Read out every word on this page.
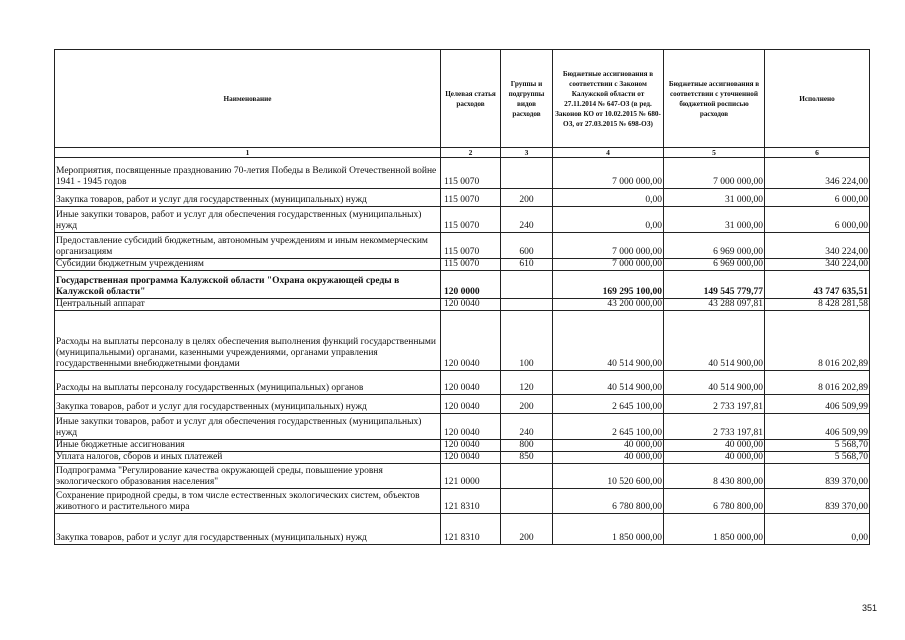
Наименование	Целевая статья расходов	Группы и подгруппы видов расходов	Бюджетные ассигнования в соответствии с Законом Калужской области от 27.11.2014 № 647-ОЗ (в ред. Законов КО от 10.02.2015 № 680-ОЗ, от 27.03.2015 № 698-ОЗ)	Бюджетные ассигнования в соответствии с уточненной бюджетной росписью расходов	Исполнено
1	2	3	4	5	6
Мероприятия, посвященные празднованию 70-летия Победы в Великой Отечественной войне 1941 - 1945 годов	115 0070		7 000 000,00	7 000 000,00	346 224,00
Закупка товаров, работ и услуг для государственных (муниципальных) нужд	115 0070	200	0,00	31 000,00	6 000,00
Иные закупки товаров, работ и услуг для обеспечения государственных (муниципальных) нужд	115 0070	240	0,00	31 000,00	6 000,00
Предоставление субсидий бюджетным, автономным учреждениям и иным некоммерческим организациям	115 0070	600	7 000 000,00	6 969 000,00	340 224,00
Субсидии бюджетным учреждениям	115 0070	610	7 000 000,00	6 969 000,00	340 224,00
Государственная программа Калужской области "Охрана окружающей среды в Калужской области"	120 0000		169 295 100,00	149 545 779,77	43 747 635,51
Центральный аппарат	120 0040		43 200 000,00	43 288 097,81	8 428 281,58
Расходы на выплаты персоналу в целях обеспечения выполнения функций государственными (муниципальными) органами, казенными учреждениями, органами управления государственными внебюджетными фондами	120 0040	100	40 514 900,00	40 514 900,00	8 016 202,89
Расходы на выплаты персоналу государственных (муниципальных) органов	120 0040	120	40 514 900,00	40 514 900,00	8 016 202,89
Закупка товаров, работ и услуг для государственных (муниципальных) нужд	120 0040	200	2 645 100,00	2 733 197,81	406 509,99
Иные закупки товаров, работ и услуг для обеспечения государственных (муниципальных) нужд	120 0040	240	2 645 100,00	2 733 197,81	406 509,99
Иные бюджетные ассигнования	120 0040	800	40 000,00	40 000,00	5 568,70
Уплата налогов, сборов и иных платежей	120 0040	850	40 000,00	40 000,00	5 568,70
Подпрограмма "Регулирование качества окружающей среды, повышение уровня экологического образования населения"	121 0000		10 520 600,00	8 430 800,00	839 370,00
Сохранение природной среды, в том числе естественных экологических систем, объектов животного и растительного мира	121 8310		6 780 800,00	6 780 800,00	839 370,00
Закупка товаров, работ и услуг для государственных (муниципальных) нужд	121 8310	200	1 850 000,00	1 850 000,00	0,00
351
